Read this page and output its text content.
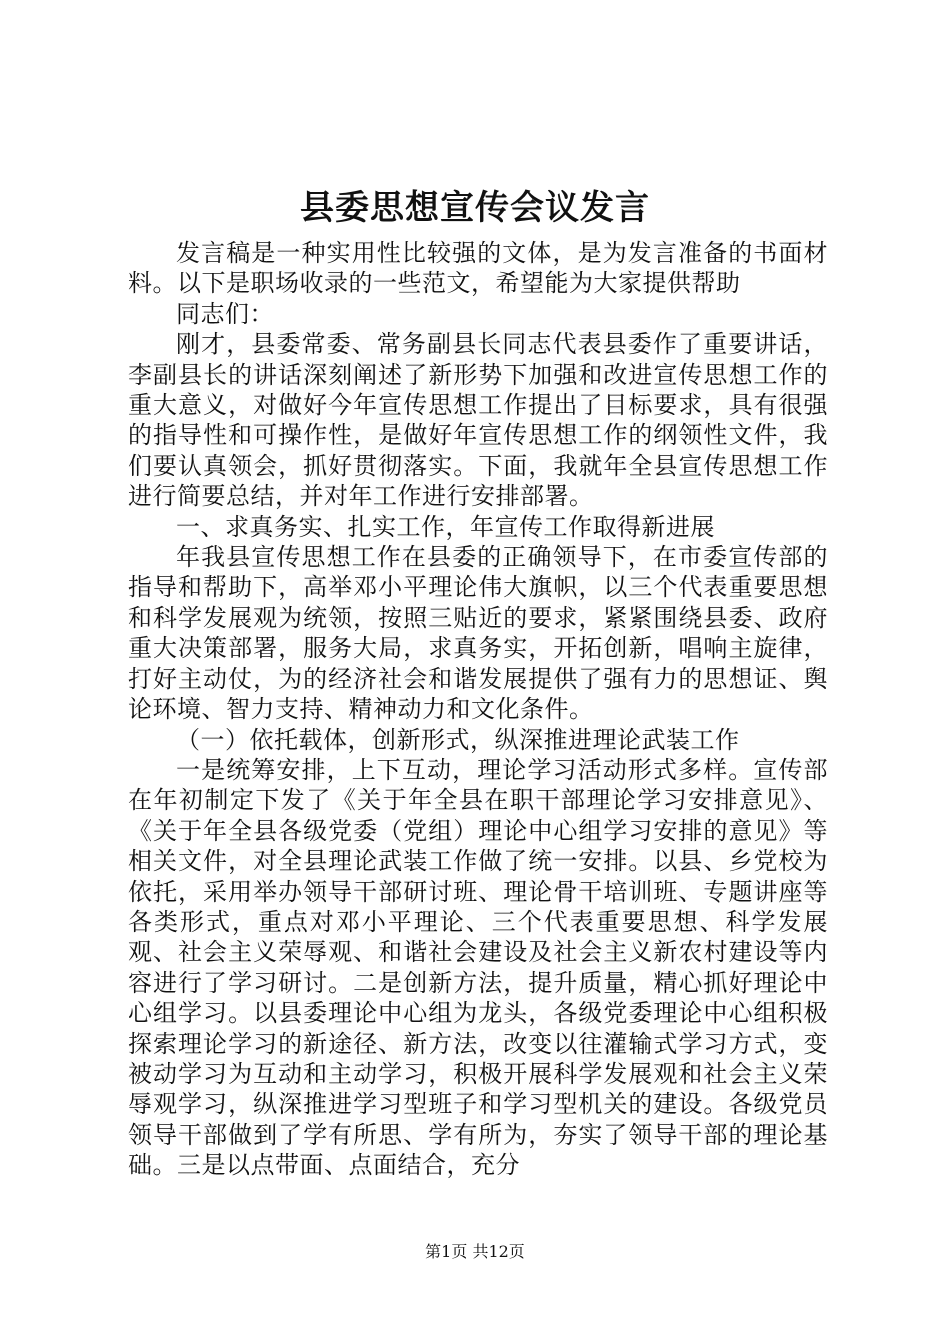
县委思想宣传会议发言

发言稿是一种实用性比较强的文体，是为发言准备的书面材料。以下是职场收录的一些范文，希望能为大家提供帮助

同志们：

刚才，县委常委、常务副县长同志代表县委作了重要讲话，李副县长的讲话深刻阐述了新形势下加强和改进宣传思想工作的重大意义，对做好今年宣传思想工作提出了目标要求，具有很强的指导性和可操作性，是做好年宣传思想工作的纲领性文件，我们要认真领会，抓好贯彻落实。下面，我就年全县宣传思想工作进行简要总结，并对年工作进行安排部署。

一、求真务实、扎实工作，年宣传工作取得新进展

年我县宣传思想工作在县委的正确领导下，在市委宣传部的指导和帮助下，高举邓小平理论伟大旗帜，以三个代表重要思想和科学发展观为统领，按照三贴近的要求，紧紧围绕县委、政府重大决策部署，服务大局，求真务实，开拓创新，唱响主旋律，打好主动仗，为的经济社会和谐发展提供了强有力的思想证、舆论环境、智力支持、精神动力和文化条件。

（一）依托载体，创新形式，纵深推进理论武装工作

一是统筹安排，上下互动，理论学习活动形式多样。宣传部在年初制定下发了《关于年全县在职干部理论学习安排意见》、《关于年全县各级党委（党组）理论中心组学习安排的意见》等相关文件，对全县理论武装工作做了统一安排。以县、乡党校为依托，采用举办领导干部研讨班、理论骨干培训班、专题讲座等各类形式，重点对邓小平理论、三个代表重要思想、科学发展观、社会主义荣辱观、和谐社会建设及社会主义新农村建设等内容进行了学习研讨。二是创新方法，提升质量，精心抓好理论中心组学习。以县委理论中心组为龙头，各级党委理论中心组积极探索理论学习的新途径、新方法，改变以往灌输式学习方式，变被动学习为互动和主动学习，积极开展科学发展观和社会主义荣辱观学习，纵深推进学习型班子和学习型机关的建设。各级党员领导干部做到了学有所思、学有所为，夯实了领导干部的理论基础。三是以点带面、点面结合，充分

第1页 共12页
